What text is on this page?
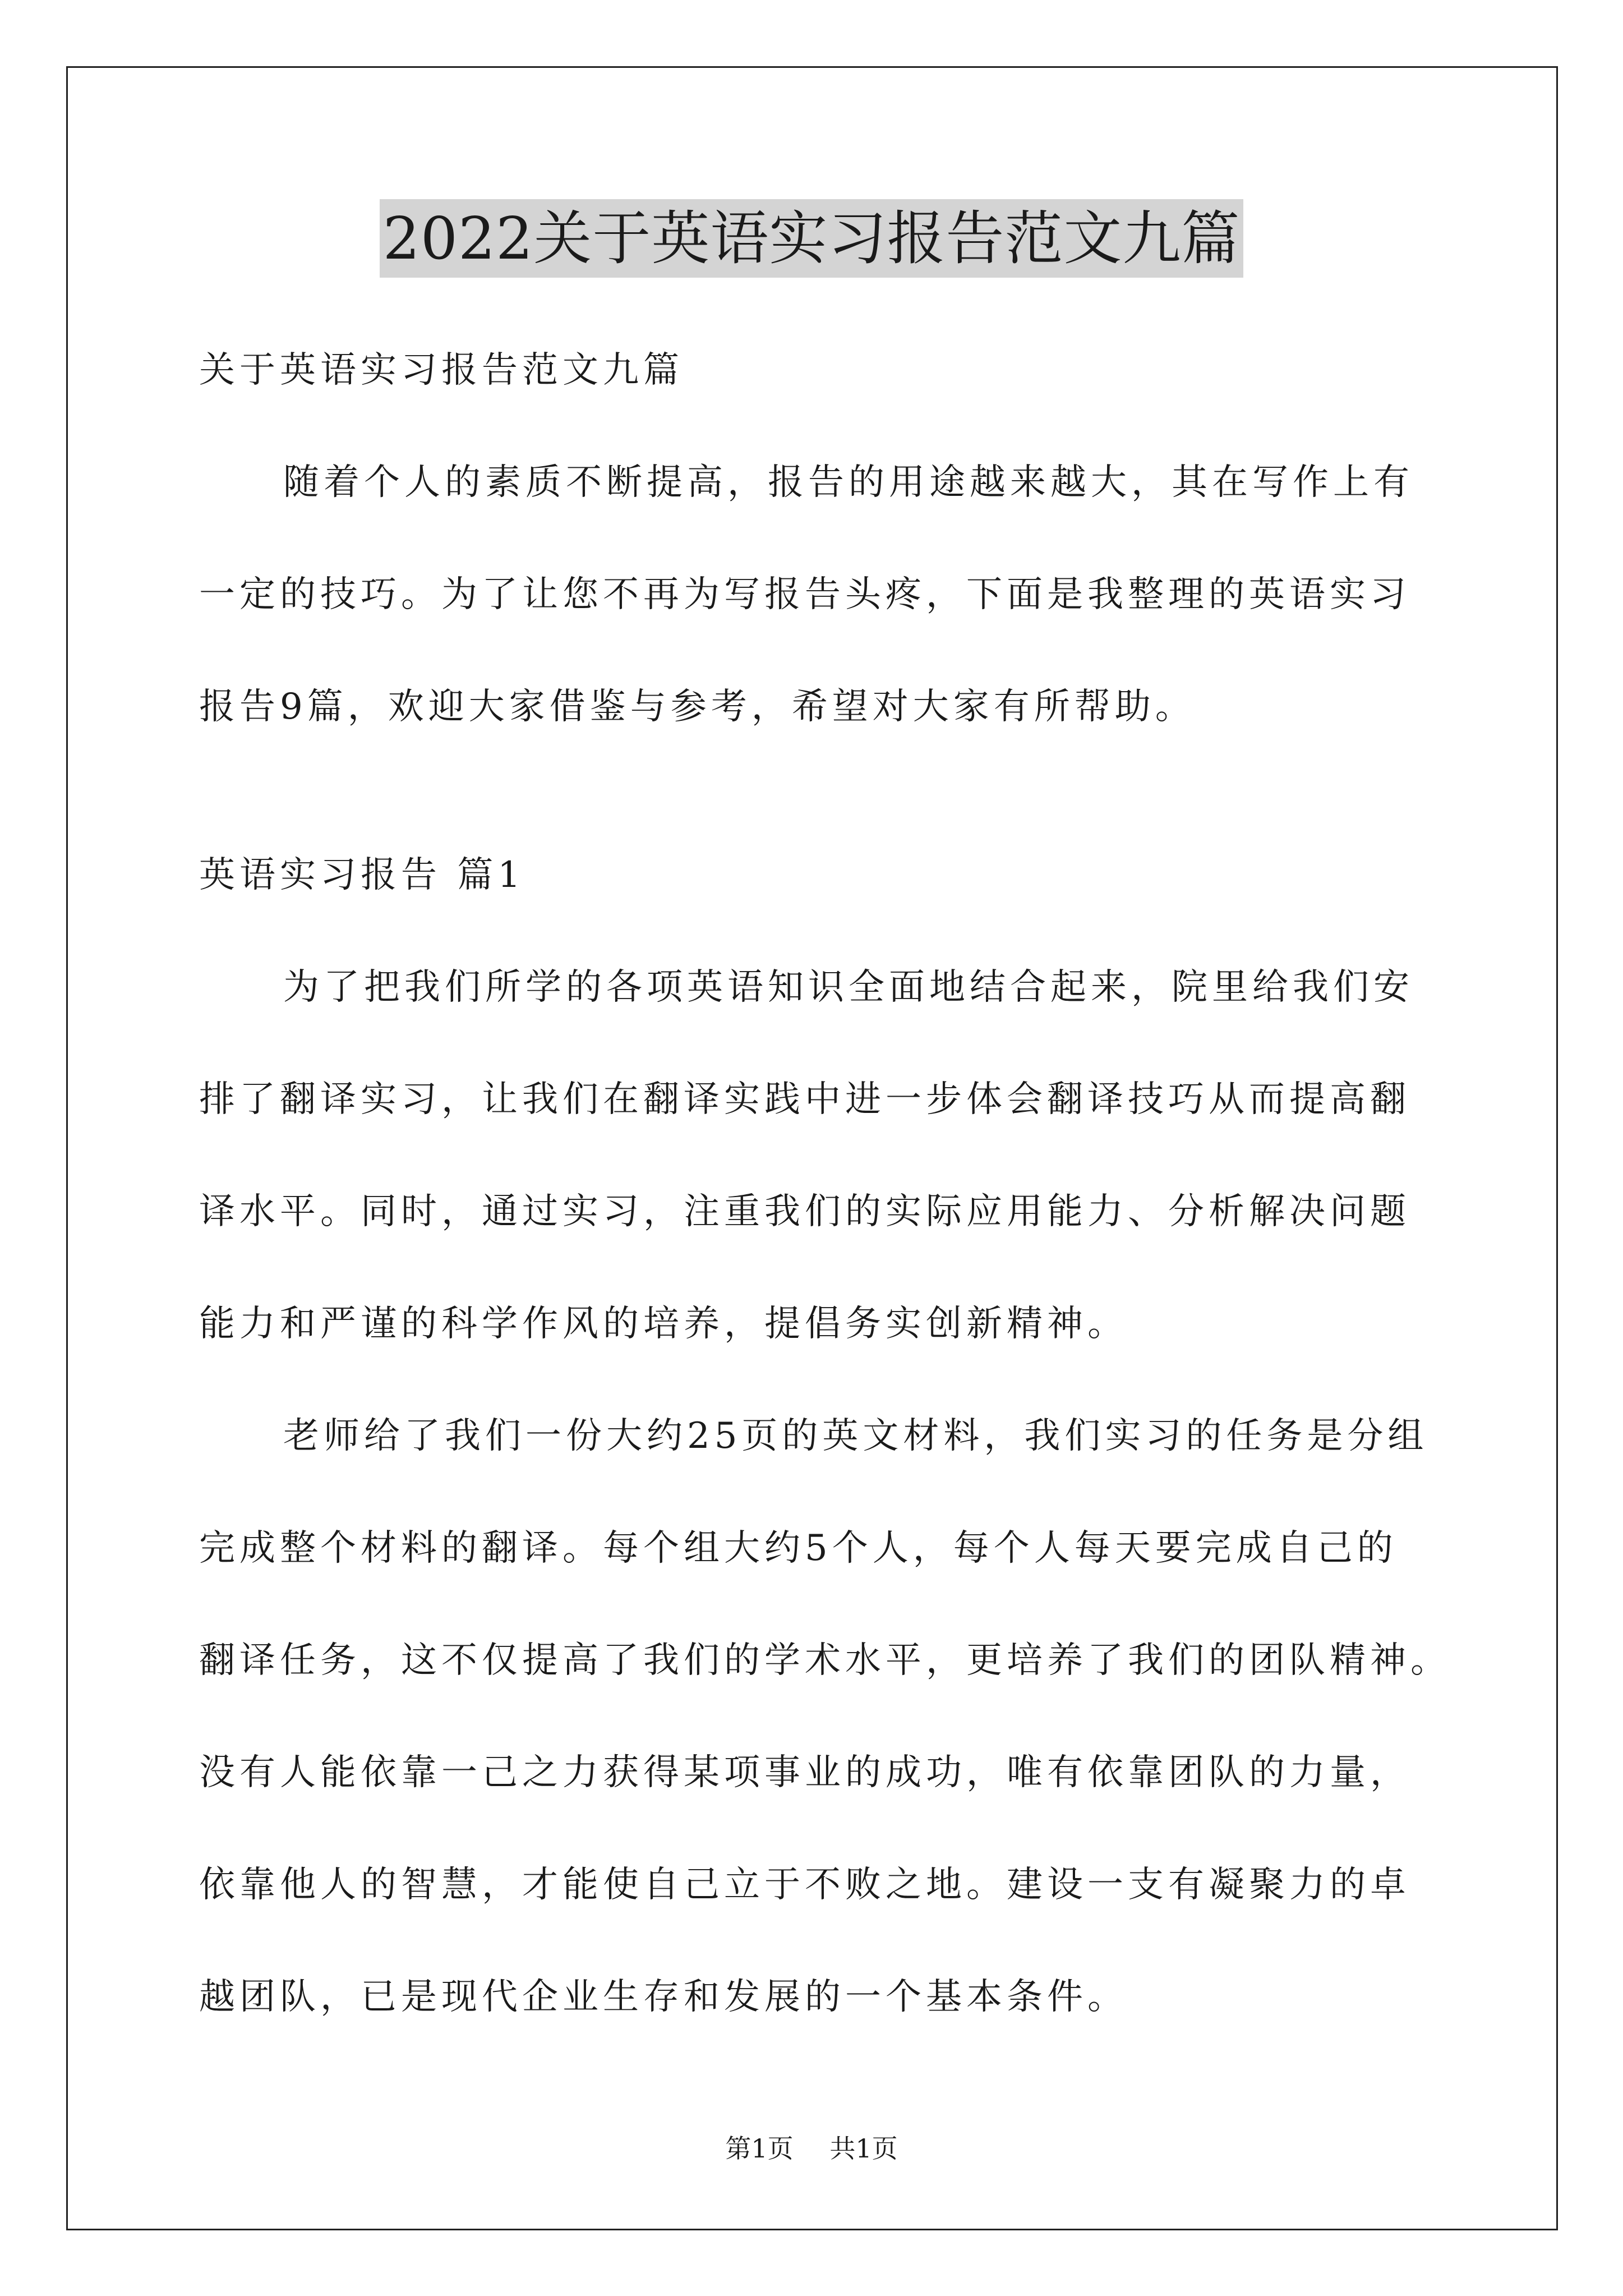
2022关于英语实习报告范文九篇
关于英语实习报告范文九篇
随着个人的素质不断提高，报告的用途越来越大，其在写作上有
一定的技巧。为了让您不再为写报告头疼，下面是我整理的英语实习
报告9篇，欢迎大家借鉴与参考，希望对大家有所帮助。
英语实习报告 篇1
为了把我们所学的各项英语知识全面地结合起来，院里给我们安
排了翻译实习，让我们在翻译实践中进一步体会翻译技巧从而提高翻
译水平。同时，通过实习，注重我们的实际应用能力、分析解决问题
能力和严谨的科学作风的培养，提倡务实创新精神。
老师给了我们一份大约25页的英文材料，我们实习的任务是分组
完成整个材料的翻译。每个组大约5个人，每个人每天要完成自己的
翻译任务，这不仅提高了我们的学术水平，更培养了我们的团队精神。
没有人能依靠一己之力获得某项事业的成功，唯有依靠团队的力量，
依靠他人的智慧，才能使自己立于不败之地。建设一支有凝聚力的卓
越团队，已是现代企业生存和发展的一个基本条件。
第1页 共1页
